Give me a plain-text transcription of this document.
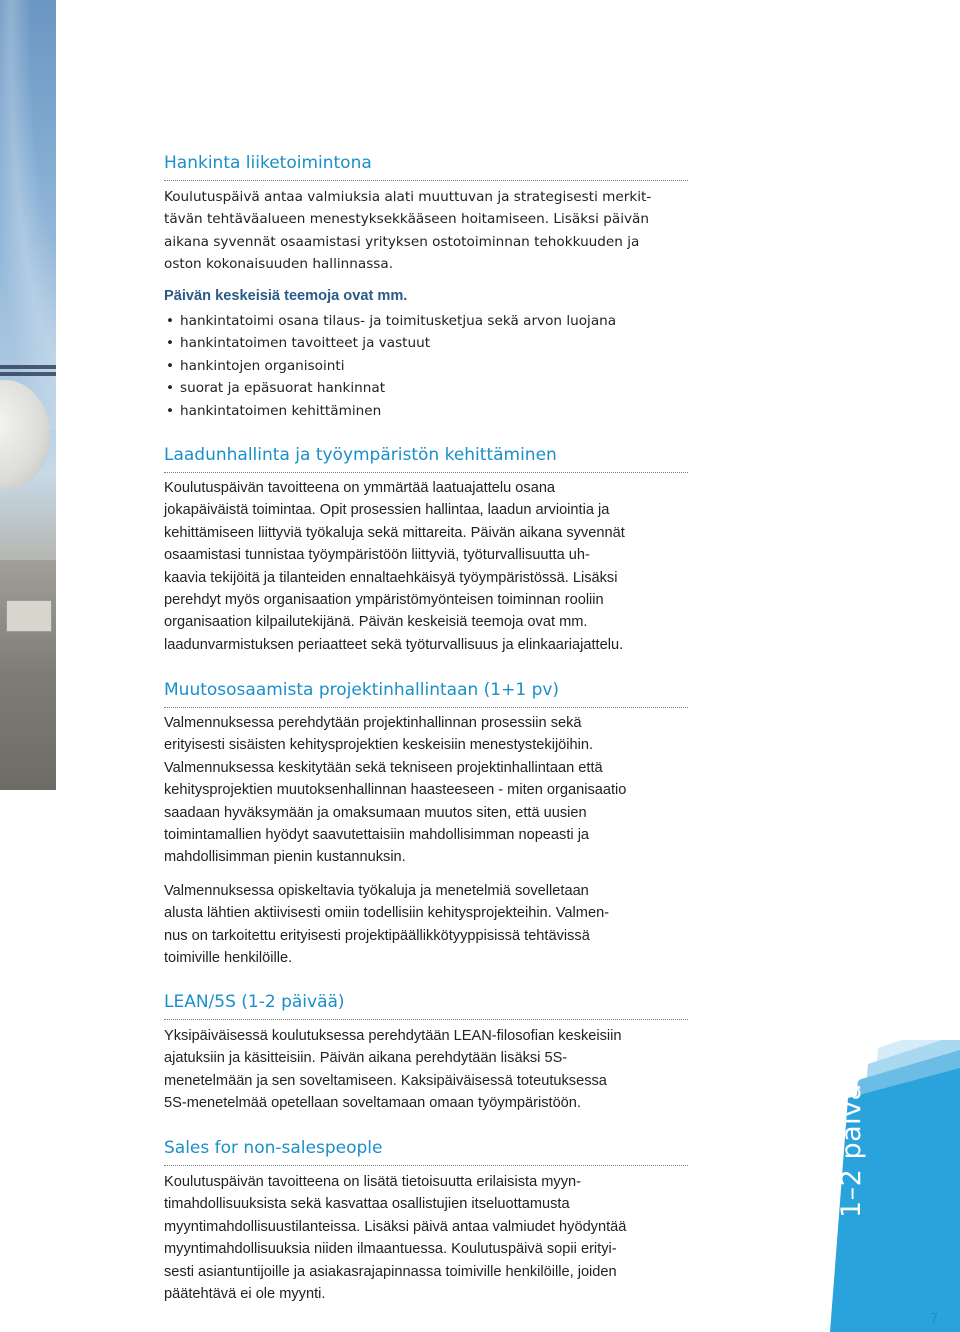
Hankinta liiketoimintona
Koulutuspäivä antaa valmiuksia alati muuttuvan ja strategisesti merkit-
tävän tehtäväalueen menestyksekkääseen hoitamiseen. Lisäksi päivän
aikana syvennät osaamistasi yrityksen ostotoiminnan tehokkuuden ja
oston kokonaisuuden hallinnassa.

Päivän keskeisiä teemoja ovat mm.

• hankintatoimi osana tilaus- ja toimitusketjua sekä arvon luojana
• hankintatoimen tavoitteet ja vastuut
• hankintojen organisointi
• suorat ja epäsuorat hankinnat
• hankintatoimen kehittäminen
Laadunhallinta ja työympäristön kehittäminen
Koulutuspäivän tavoitteena on ymmärtää laatuajattelu osana
jokapäiväistä toimintaa. Opit prosessien hallintaa, laadun arviointia ja
kehittämiseen liittyviä työkaluja sekä mittareita. Päivän aikana syvennät
osaamistasi tunnistaa työympäristöön liittyviä, työturvallisuutta uh-
kaavia tekijöitä ja tilanteiden ennaltaehkäisyä työympäristössä. Lisäksi
perehdyt myös organisaation ympäristömyönteisen toiminnan rooliin
organisaation kilpailutekijänä. Päivän keskeisiä teemoja ovat mm.
laadunvarmistuksen periaatteet sekä työturvallisuus ja elinkaariajattelu.
Muutososaamista projektinhallintaan (1+1 pv)
Valmennuksessa perehdytään projektinhallinnan prosessiin sekä
erityisesti sisäisten kehitysprojektien keskeisiin menestystekijöihin.
Valmennuksessa keskitytään sekä tekniseen projektinhallintaan että
kehitysprojektien muutoksenhallinnan haasteeseen - miten organisaatio
saadaan hyväksymään ja omaksumaan muutos siten, että uusien
toimintamallien hyödyt saavutettaisiin mahdollisimman nopeasti ja
mahdollisimman pienin kustannuksin.
Valmennuksessa opiskeltavia työkaluja ja menetelmiä sovelletaan
alusta lähtien aktiivisesti omiin todellisiin kehitysprojekteihin. Valmen-
nus on tarkoitettu erityisesti projektipäällikkötyyppisissä tehtävissä
toimiville henkilöille.
LEAN/5S (1-2 päivää)
Yksipäiväisessä koulutuksessa perehdytään LEAN-filosofian keskeisiin
ajatuksiin ja käsitteisiin. Päivän aikana perehdytään lisäksi 5S-
menetelmään ja sen soveltamiseen. Kaksipäiväisessä toteutuksessa
5S-menetelmää opetellaan soveltamaan omaan työympäristöön.
Sales for non-salespeople
Koulutuspäivän tavoitteena on lisätä tietoisuutta erilaisista myyn-
timahdollisuuksista sekä kasvattaa osallistujien itseluottamusta
myyntimahdollisuustilanteissa. Lisäksi päivä antaa valmiudet hyödyntää
myyntimahdollisuuksia niiden ilmaantuessa. Koulutuspäivä sopii erityi-
sesti asiantuntijoille ja asiakasrajapinnassa toimiville henkilöille, joiden
päätehtävä ei ole myynti.
1–2 päivää
7
